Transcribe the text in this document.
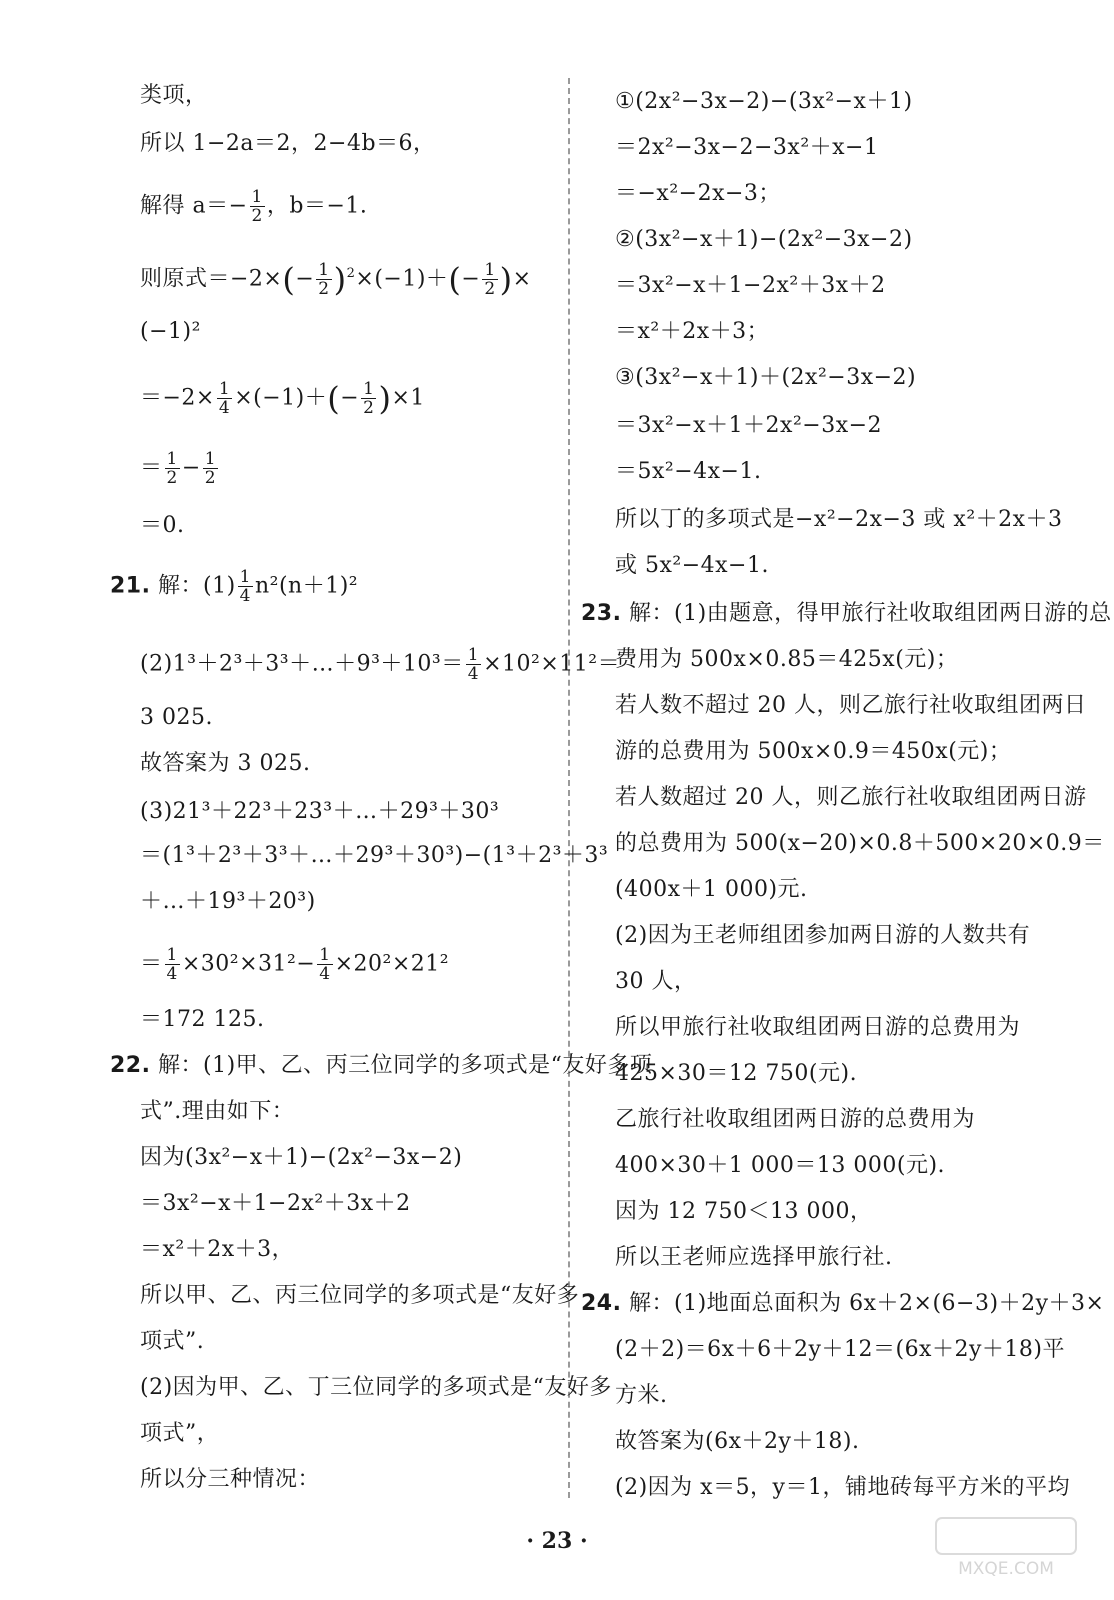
类项，
所以 1−2a＝2，2−4b＝6，
解得 $a=- \frac{1}{2}$ ，b＝−1.
则原式$=-2\times(- \frac{1}{2} )^2\times(-1)+(- \frac{1}{2}$ )×
(−1)²
$=-2\times \frac{1}{4} \times(-1)+(- \frac{1}{2} )\times 1$
＝ $\frac{1}{2} - \frac{1}{2}$
＝0.
21. 解：$(1) \frac{1}{4} n^2(n+1)^2$
(2)1³＋2³＋3³＋…＋9³＋10³＝ $\frac{1}{4} \times 10^2\times 11^2=$
3 025.
故答案为 3 025.
(3)21³＋22³＋23³＋…＋29³＋30³
＝(1³＋2³＋3³＋…＋29³＋30³)−(1³＋2³＋3³
＋…＋19³＋20³)
＝ $\frac{1}{4} \times 30^2\times 31^2- \frac{1}{4} \times 20^2\times 21^2$
＝172 125.
22. 解：(1)甲、乙、丙三位同学的多项式是“友好多项
式”.理由如下：
因为(3x²−x＋1)−(2x²−3x−2)
＝3x²−x＋1−2x²＋3x＋2
＝x²＋2x＋3，
所以甲、乙、丙三位同学的多项式是“友好多
项式”.
(2)因为甲、乙、丁三位同学的多项式是“友好多
项式”，
所以分三种情况：
①(2x²−3x−2)−(3x²−x＋1)
＝2x²−3x−2−3x²＋x−1
＝−x²−2x−3；
②(3x²−x＋1)−(2x²−3x−2)
＝3x²−x＋1−2x²＋3x＋2
＝x²＋2x＋3；
③(3x²−x＋1)＋(2x²−3x−2)
＝3x²−x＋1＋2x²−3x−2
＝5x²−4x−1.
所以丁的多项式是−x²−2x−3 或 x²＋2x＋3
或 5x²−4x−1.
23. 解：(1)由题意，得甲旅行社收取组团两日游的总
费用为 500x×0.85＝425x(元)；
若人数不超过 20 人，则乙旅行社收取组团两日
游的总费用为 500x×0.9＝450x(元)；
若人数超过 20 人，则乙旅行社收取组团两日游
的总费用为 500(x−20)×0.8＋500×20×0.9＝
(400x＋1 000)元.
(2)因为王老师组团参加两日游的人数共有
30 人，
所以甲旅行社收取组团两日游的总费用为
425×30＝12 750(元).
乙旅行社收取组团两日游的总费用为
400×30＋1 000＝13 000(元).
因为 12 750＜13 000，
所以王老师应选择甲旅行社.
24. 解：(1)地面总面积为 6x＋2×(6−3)＋2y＋3×
(2＋2)＝6x＋6＋2y＋12＝(6x＋2y＋18)平
方米.
故答案为(6x＋2y＋18).
(2)因为 x＝5，y＝1，铺地砖每平方米的平均
· 23 ·
MXQE.COM
